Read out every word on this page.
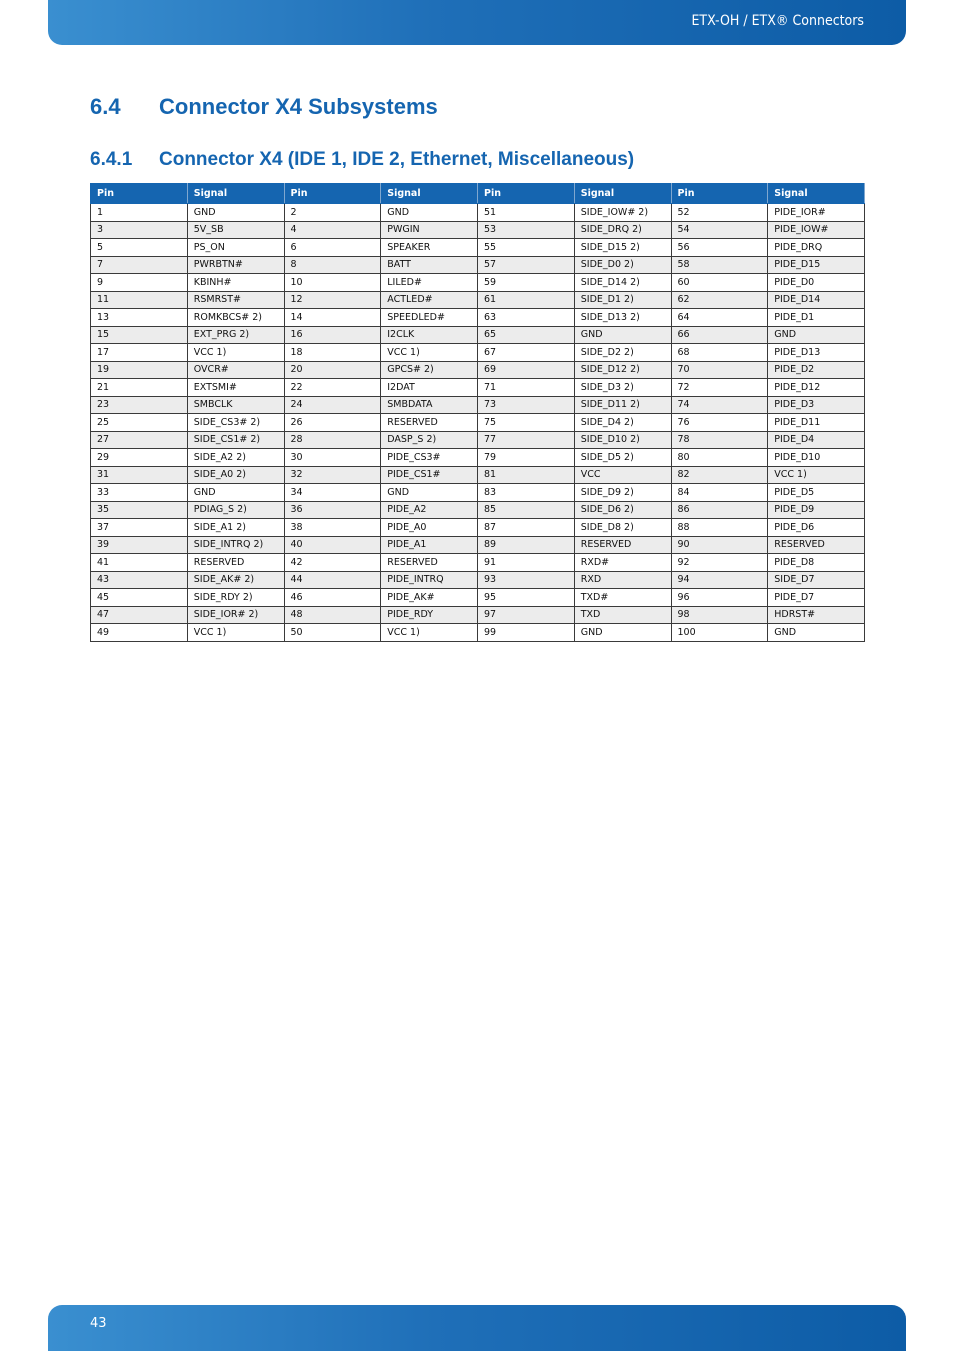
ETX-OH / ETX® Connectors
6.4 Connector X4 Subsystems
6.4.1 Connector X4 (IDE 1, IDE 2, Ethernet, Miscellaneous)
Pin	Signal	Pin	Signal	Pin	Signal	Pin	Signal
1	GND	2	GND	51	SIDE_IOW# 2)	52	PIDE_IOR#
3	5V_SB	4	PWGIN	53	SIDE_DRQ 2)	54	PIDE_IOW#
5	PS_ON	6	SPEAKER	55	SIDE_D15 2)	56	PIDE_DRQ
7	PWRBTN#	8	BATT	57	SIDE_D0 2)	58	PIDE_D15
9	KBINH#	10	LILED#	59	SIDE_D14 2)	60	PIDE_D0
11	RSMRST#	12	ACTLED#	61	SIDE_D1 2)	62	PIDE_D14
13	ROMKBCS# 2)	14	SPEEDLED#	63	SIDE_D13 2)	64	PIDE_D1
15	EXT_PRG 2)	16	I2CLK	65	GND	66	GND
17	VCC 1)	18	VCC 1)	67	SIDE_D2 2)	68	PIDE_D13
19	OVCR#	20	GPCS# 2)	69	SIDE_D12 2)	70	PIDE_D2
21	EXTSMI#	22	I2DAT	71	SIDE_D3 2)	72	PIDE_D12
23	SMBCLK	24	SMBDATA	73	SIDE_D11 2)	74	PIDE_D3
25	SIDE_CS3# 2)	26	RESERVED	75	SIDE_D4 2)	76	PIDE_D11
27	SIDE_CS1# 2)	28	DASP_S 2)	77	SIDE_D10 2)	78	PIDE_D4
29	SIDE_A2 2)	30	PIDE_CS3#	79	SIDE_D5 2)	80	PIDE_D10
31	SIDE_A0 2)	32	PIDE_CS1#	81	VCC	82	VCC 1)
33	GND	34	GND	83	SIDE_D9 2)	84	PIDE_D5
35	PDIAG_S 2)	36	PIDE_A2	85	SIDE_D6 2)	86	PIDE_D9
37	SIDE_A1 2)	38	PIDE_A0	87	SIDE_D8 2)	88	PIDE_D6
39	SIDE_INTRQ 2)	40	PIDE_A1	89	RESERVED	90	RESERVED
41	RESERVED	42	RESERVED	91	RXD#	92	PIDE_D8
43	SIDE_AK# 2)	44	PIDE_INTRQ	93	RXD	94	SIDE_D7
45	SIDE_RDY 2)	46	PIDE_AK#	95	TXD#	96	PIDE_D7
47	SIDE_IOR# 2)	48	PIDE_RDY	97	TXD	98	HDRST#
49	VCC 1)	50	VCC 1)	99	GND	100	GND
43
